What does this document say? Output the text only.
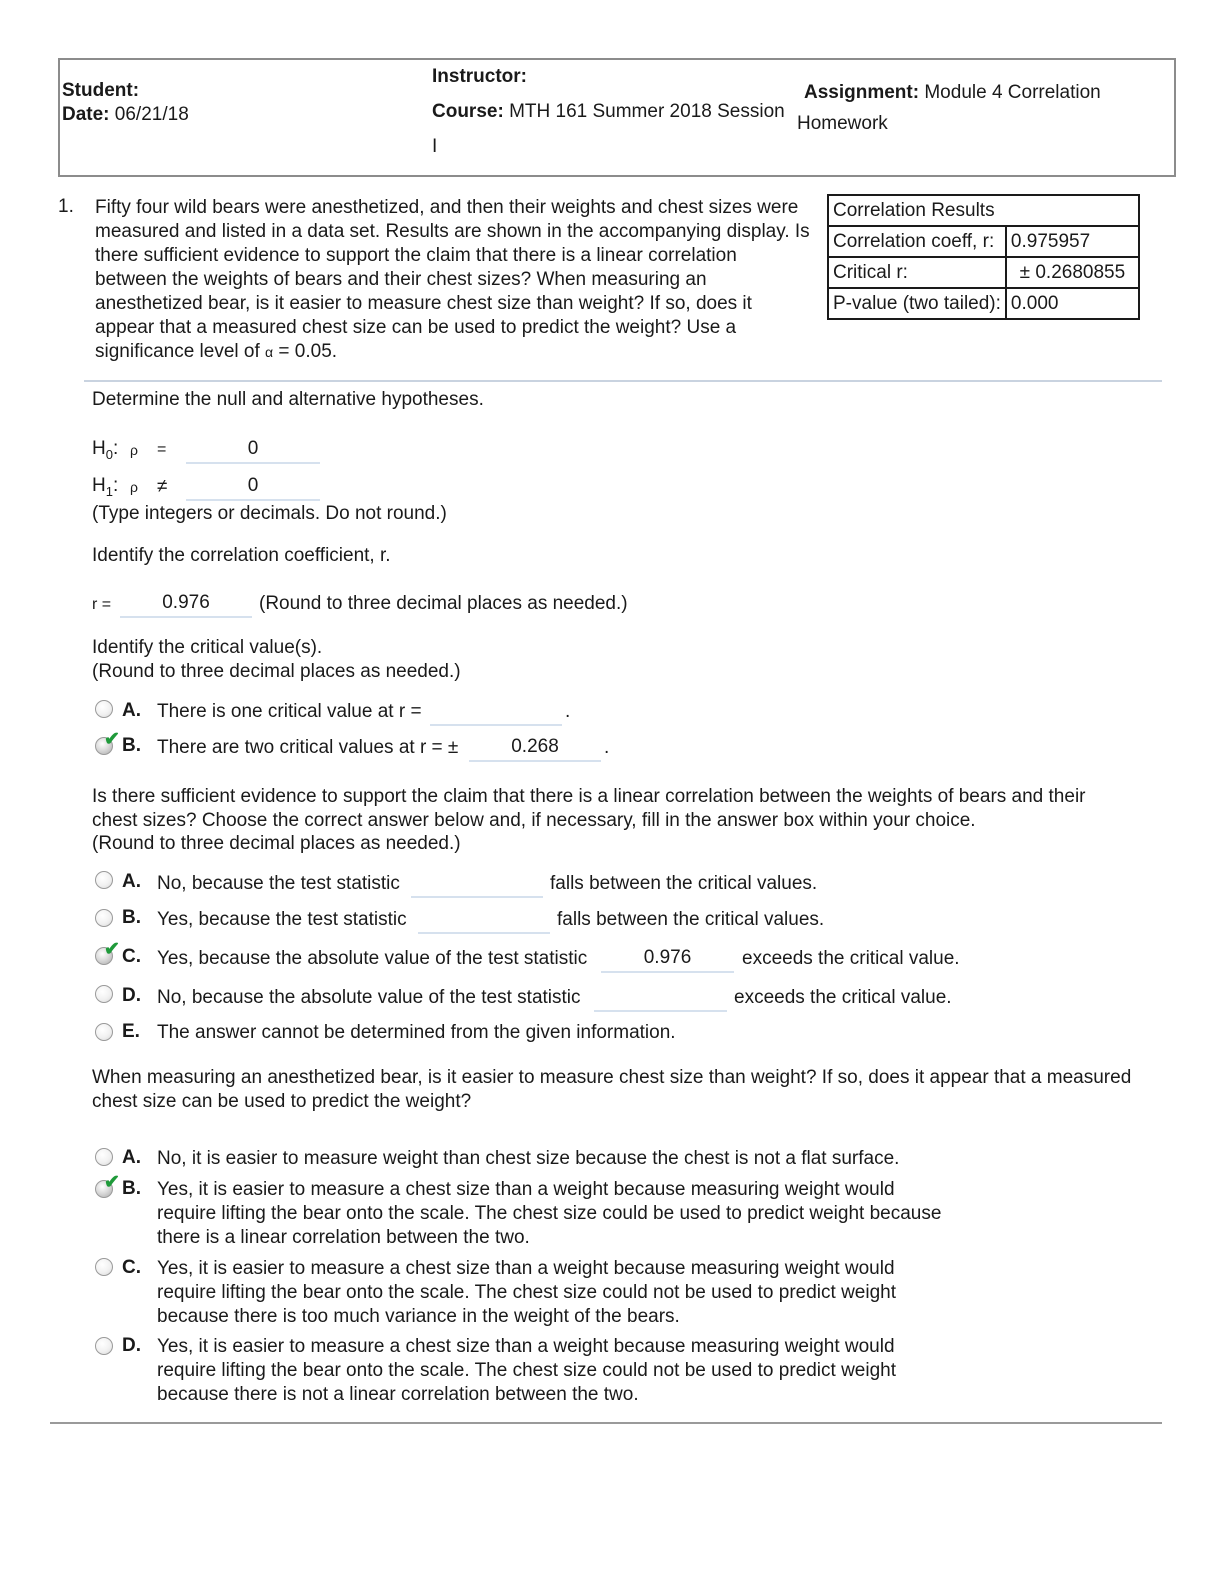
Student:
Date: 06/21/18
Instructor:
Course: MTH 161 Summer 2018 Session
I
Assignment: Module 4 Correlation
Homework
1. Fifty four wild bears were anesthetized, and then their weights and chest sizes were
measured and listed in a data set. Results are shown in the accompanying display. Is
there sufficient evidence to support the claim that there is a linear correlation
between the weights of bears and their chest sizes? When measuring an
anesthetized bear, is it easier to measure chest size than weight? If so, does it
appear that a measured chest size can be used to predict the weight? Use a
significance level of α = 0.05.
Correlation Results	
Correlation coeff, r:	0.975957
Critical r:	± 0.2680855
P-value (two tailed):	0.000
Determine the null and alternative hypotheses.
$H_0$: ρ =	0
$H_1$: ρ ≠	0
(Type integers or decimals. Do not round.)
Identify the correlation coefficient, r.
r =	0.976	(Round to three decimal places as needed.)
Identify the critical value(s).
(Round to three decimal places as needed.)
A. There is one critical value at r =	.
✔ B. There are two critical values at r = ±	0.268	.
Is there sufficient evidence to support the claim that there is a linear correlation between the weights of bears and their
chest sizes? Choose the correct answer below and, if necessary, fill in the answer box within your choice.
(Round to three decimal places as needed.)
A. No, because the test statistic	falls between the critical values.
B. Yes, because the test statistic	falls between the critical values.
✔ C. Yes, because the absolute value of the test statistic	0.976	exceeds the critical value.
D. No, because the absolute value of the test statistic	exceeds the critical value.
E. The answer cannot be determined from the given information.
When measuring an anesthetized bear, is it easier to measure chest size than weight? If so, does it appear that a measured
chest size can be used to predict the weight?
A. No, it is easier to measure weight than chest size because the chest is not a flat surface.
✔ B. Yes, it is easier to measure a chest size than a weight because measuring weight would
require lifting the bear onto the scale. The chest size could be used to predict weight because
there is a linear correlation between the two.
C. Yes, it is easier to measure a chest size than a weight because measuring weight would
require lifting the bear onto the scale. The chest size could not be used to predict weight
because there is too much variance in the weight of the bears.
D. Yes, it is easier to measure a chest size than a weight because measuring weight would
require lifting the bear onto the scale. The chest size could not be used to predict weight
because there is not a linear correlation between the two.
